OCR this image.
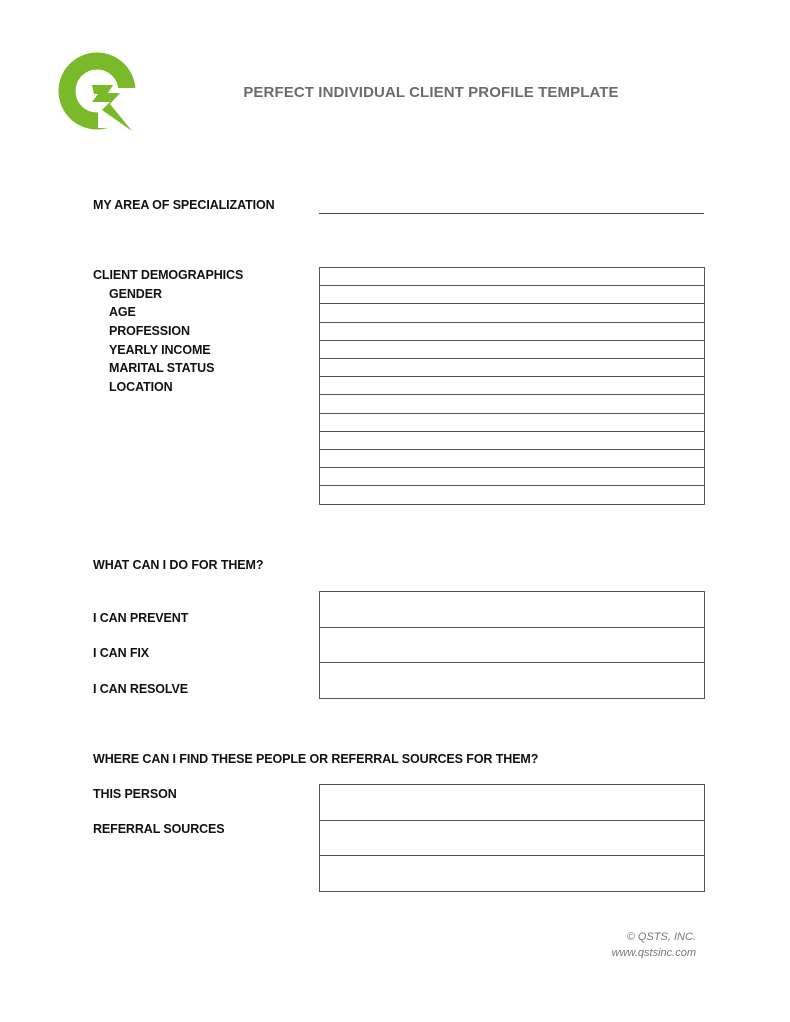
PERFECT INDIVIDUAL CLIENT PROFILE TEMPLATE
MY AREA OF SPECIALIZATION
CLIENT DEMOGRAPHICS
GENDER
AGE
PROFESSION
YEARLY INCOME
MARITAL STATUS
LOCATION
WHAT CAN I DO FOR THEM?
I CAN PREVENT
I CAN FIX
I CAN RESOLVE
WHERE CAN I FIND THESE PEOPLE OR REFERRAL SOURCES FOR THEM?
THIS PERSON
REFERRAL SOURCES
© QSTS, INC.
www.qstsinc.com
